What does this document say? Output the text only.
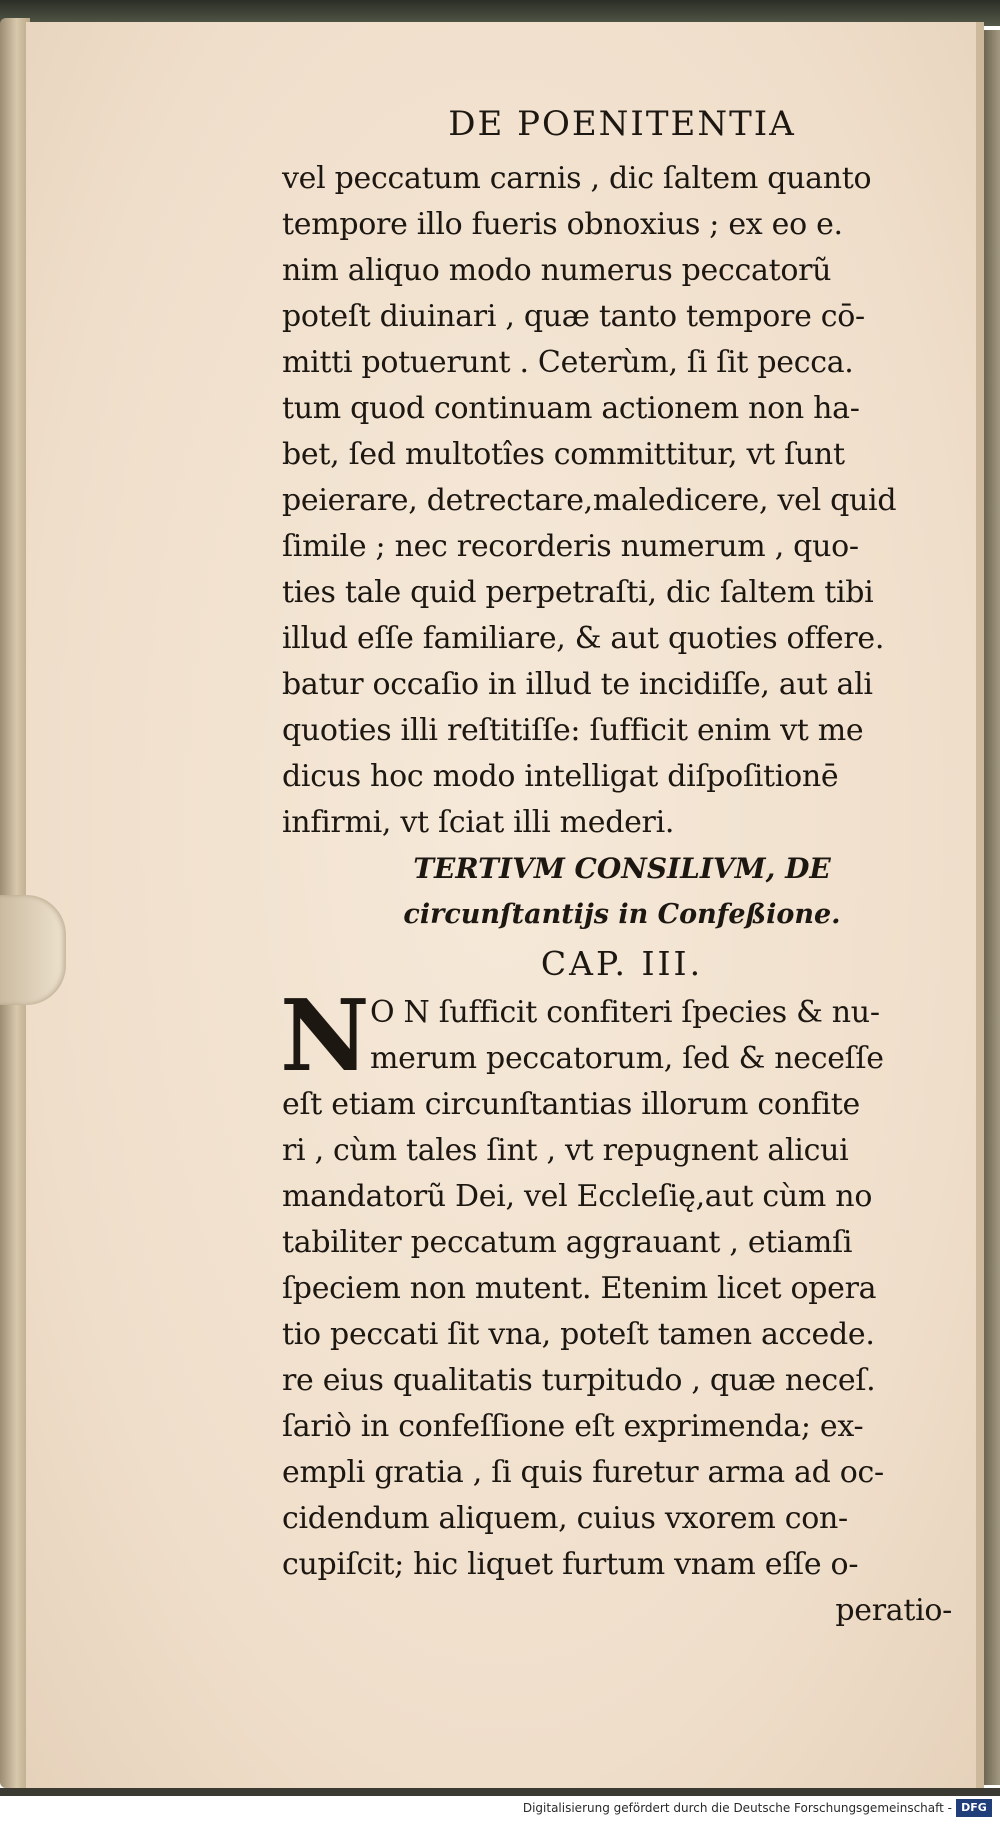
DE POENITENTIA
vel peccatum carnis , dic ſaltem quanto
tempore illo fueris obnoxius ; ex eo e.
nim aliquo modo numerus peccatorũ
poteſt diuinari , quæ tanto tempore cō-
mitti potuerunt . Ceterùm, ſi ſit pecca.
tum quod continuam actionem non ha-
bet, ſed multotîes committitur, vt ſunt
peierare, detrectare,maledicere, vel quid
ſimile ; nec recorderis numerum , quo-
ties tale quid perpetraſti, dic ſaltem tibi
illud eſſe familiare, & aut quoties offere.
batur occaſio in illud te incidiſſe, aut ali
quoties illi reſtitiſſe: ſufficit enim vt me
dicus hoc modo intelligat diſpoſitionē
infirmi, vt ſciat illi mederi.
TERTIVM CONSILIVM, DE
circunſtantijs in Confeßione.
CAP. III.
N O N ſufficit confiteri ſpecies & nu-
merum peccatorum, ſed & neceſſe
eſt etiam circunſtantias illorum confite
ri , cùm tales ſint , vt repugnent alicui
mandatorũ Dei, vel Eccleſię,aut cùm no
tabiliter peccatum aggrauant , etiamſi
ſpeciem non mutent. Etenim licet opera
tio peccati ſit vna, poteſt tamen accede.
re eius qualitatis turpitudo , quæ neceſ.
ſariò in confeſſione eſt exprimenda; ex-
empli gratia , ſi quis furetur arma ad oc-
cidendum aliquem, cuius vxorem con-
cupiſcit; hic liquet furtum vnam eſſe o-
peratio-

Digitalisierung gefördert durch die Deutsche Forschungsgemeinschaft - DFG
